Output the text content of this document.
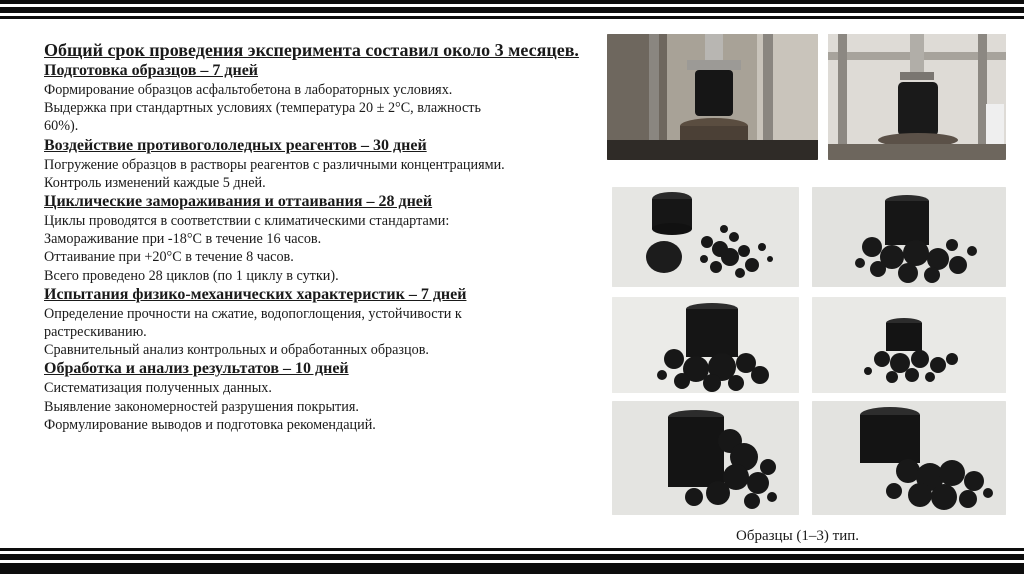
Общий срок проведения эксперимента составил около 3 месяцев.

Подготовка образцов – 7 дней

Формирование образцов асфальтобетона в лабораторных условиях.

Выдержка при стандартных условиях (температура 20 ± 2°С, влажность

60%).

Воздействие противогололедных реагентов – 30 дней

Погружение образцов в растворы реагентов с различными концентрациями.

Контроль изменений каждые 5 дней.

Циклические замораживания и оттаивания – 28 дней

Циклы проводятся в соответствии с климатическими стандартами:

Замораживание при -18°С в течение 16 часов.

Оттаивание при +20°С в течение 8 часов.

Всего проведено 28 циклов (по 1 циклу в сутки).

Испытания физико-механических характеристик – 7 дней

Определение прочности на сжатие, водопоглощения, устойчивости к

растрескиванию.

Сравнительный анализ контрольных и обработанных образцов.

Обработка и анализ результатов – 10 дней

Систематизация полученных данных.

Выявление закономерностей разрушения покрытия.

Формулирование выводов и подготовка рекомендаций.

Образцы (1–3) тип.
